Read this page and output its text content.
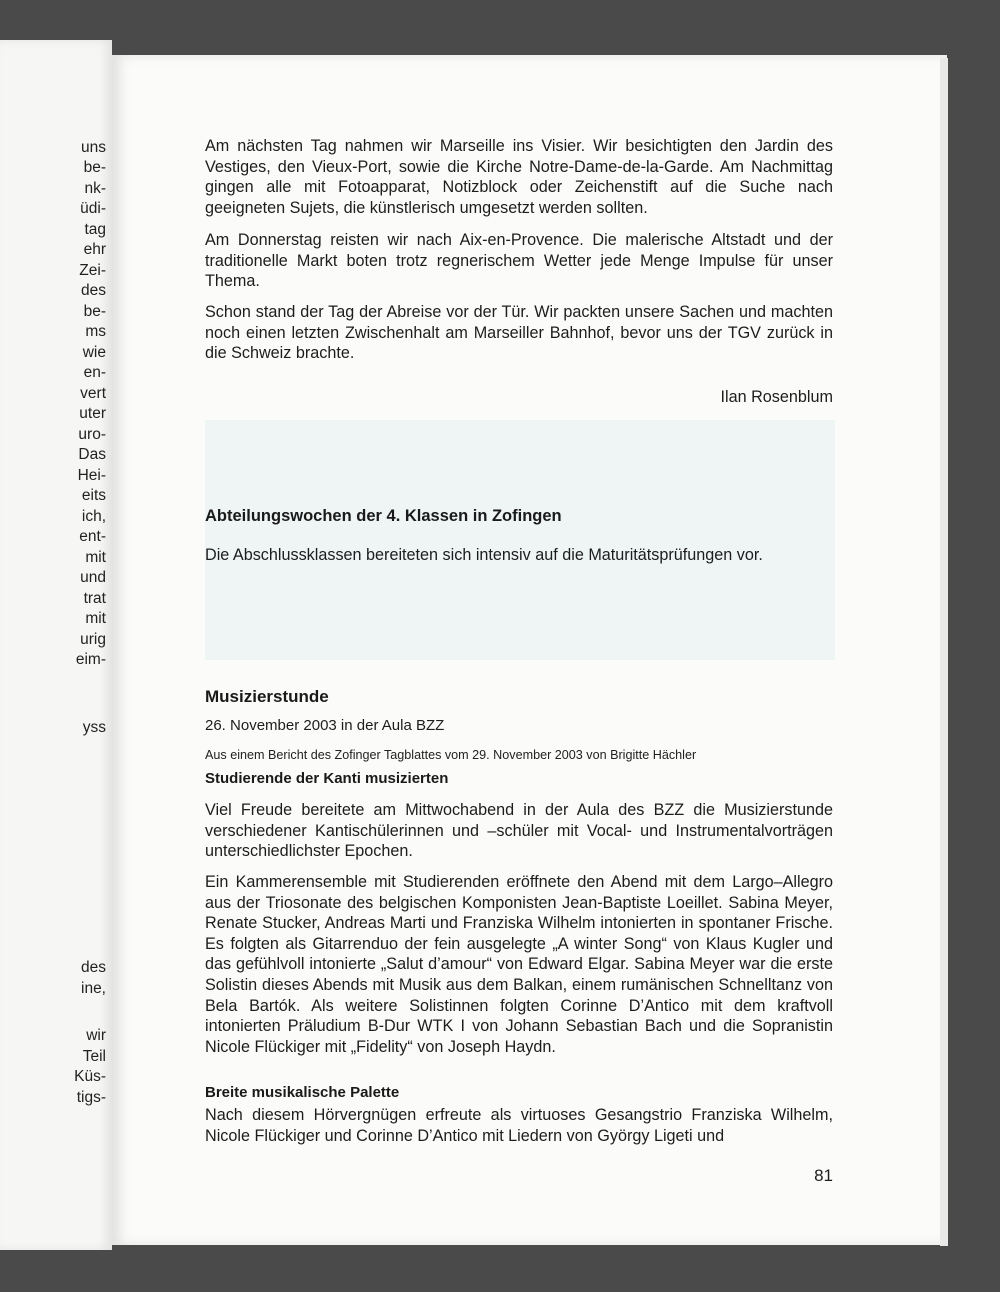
uns
be-
nk-
üdi-
tag
ehr
Zei-
des
be-
ms
wie
en-
vert
uter
uro-
Das
Hei-
eits
ich,
ent-
mit
und
trat
mit
urig
eim-
yss
des
ine,
wir
Teil
Küs-
tigs-

Am nächsten Tag nahmen wir Marseille ins Visier. Wir besichtigten den Jardin des Vestiges, den Vieux-Port, sowie die Kirche Notre-Dame-de-la-Garde. Am Nachmittag gingen alle mit Fotoapparat, Notizblock oder Zeichenstift auf die Suche nach geeigneten Sujets, die künstlerisch umgesetzt werden sollten.

Am Donnerstag reisten wir nach Aix-en-Provence. Die malerische Altstadt und der traditionelle Markt boten trotz regnerischem Wetter jede Menge Impulse für unser Thema.

Schon stand der Tag der Abreise vor der Tür. Wir packten unsere Sachen und machten noch einen letzten Zwischenhalt am Marseiller Bahnhof, bevor uns der TGV zurück in die Schweiz brachte.

Ilan Rosenblum

Abteilungswochen der 4. Klassen in Zofingen

Die Abschlussklassen bereiteten sich intensiv auf die Maturitätsprüfungen vor.

Musizierstunde

26. November 2003 in der Aula BZZ

Aus einem Bericht des Zofinger Tagblattes vom 29. November 2003 von Brigitte Hächler

Studierende der Kanti musizierten

Viel Freude bereitete am Mittwochabend in der Aula des BZZ die Musizierstunde verschiedener Kantischülerinnen und –schüler mit Vocal- und Instrumentalvorträgen unterschiedlichster Epochen.

Ein Kammerensemble mit Studierenden eröffnete den Abend mit dem Largo–Allegro aus der Triosonate des belgischen Komponisten Jean-Baptiste Loeillet. Sabina Meyer, Renate Stucker, Andreas Marti und Franziska Wilhelm intonierten in spontaner Frische. Es folgten als Gitarrenduo der fein ausgelegte „A winter Song“ von Klaus Kugler und das gefühlvoll intonierte „Salut d’amour“ von Edward Elgar. Sabina Meyer war die erste Solistin dieses Abends mit Musik aus dem Balkan, einem rumänischen Schnelltanz von Bela Bartók. Als weitere Solistinnen folgten Corinne D’Antico mit dem kraftvoll intonierten Präludium B-Dur WTK I von Johann Sebastian Bach und die Sopranistin Nicole Flückiger mit „Fidelity“ von Joseph Haydn.

Breite musikalische Palette

Nach diesem Hörvergnügen erfreute als virtuoses Gesangstrio Franziska Wilhelm, Nicole Flückiger und Corinne D’Antico mit Liedern von György Ligeti und

81
